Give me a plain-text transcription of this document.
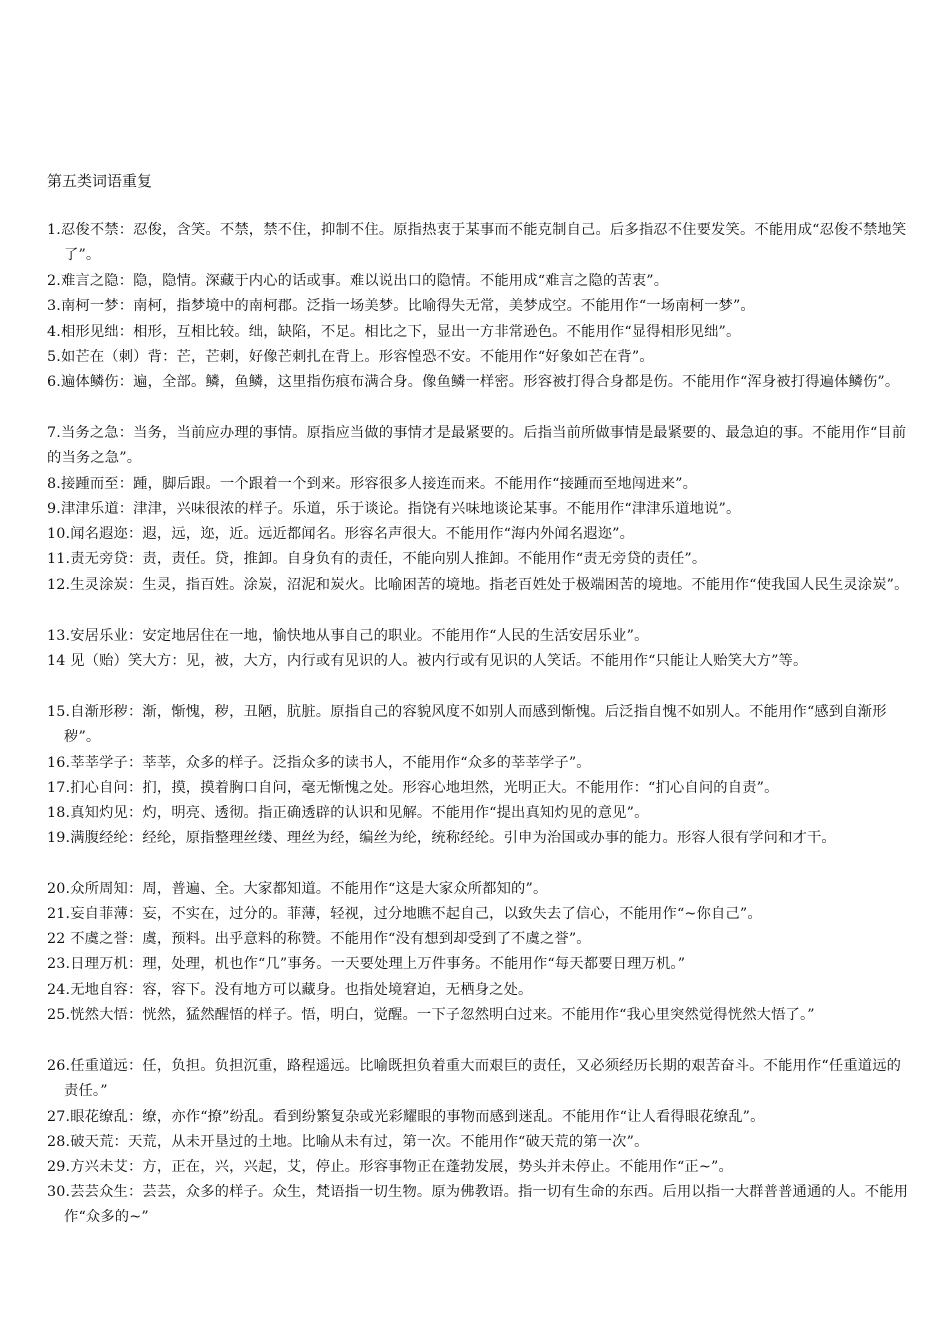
第五类词语重复
1.忍俊不禁：忍俊，含笑。不禁，禁不住，抑制不住。原指热衷于某事而不能克制自己。后多指忍不住要发笑。不能用成“忍俊不禁地笑了”。
2.难言之隐：隐，隐情。深藏于内心的话或事。难以说出口的隐情。不能用成“难言之隐的苦衷”。
3.南柯一梦：南柯，指梦境中的南柯郡。泛指一场美梦。比喻得失无常，美梦成空。不能用作“一场南柯一梦”。
4.相形见绌：相形，互相比较。绌，缺陷，不足。相比之下，显出一方非常逊色。不能用作“显得相形见绌”。
5.如芒在（刺）背：芒，芒刺，好像芒刺扎在背上。形容惶恐不安。不能用作“好象如芒在背”。
6.遍体鳞伤：遍，全部。鳞，鱼鳞，这里指伤痕布满合身。像鱼鳞一样密。形容被打得合身都是伤。不能用作“浑身被打得遍体鳞伤”。
7.当务之急：当务，当前应办理的事情。原指应当做的事情才是最紧要的。后指当前所做事情是最紧要的、最急迫的事。不能用作“目前的当务之急”。
8.接踵而至：踵，脚后跟。一个跟着一个到来。形容很多人接连而来。不能用作“接踵而至地闯进来”。
9.津津乐道：津津，兴味很浓的样子。乐道，乐于谈论。指饶有兴味地谈论某事。不能用作“津津乐道地说”。
10.闻名遐迩：遐，远，迩，近。远近都闻名。形容名声很大。不能用作“海内外闻名遐迩”。
11.责无旁贷：责，责任。贷，推卸。自身负有的责任，不能向别人推卸。不能用作“责无旁贷的责任”。
12.生灵涂炭：生灵，指百姓。涂炭，沼泥和炭火。比喻困苦的境地。指老百姓处于极端困苦的境地。不能用作“使我国人民生灵涂炭”。
13.安居乐业：安定地居住在一地，愉快地从事自己的职业。不能用作“人民的生活安居乐业”。
14 见（贻）笑大方：见，被，大方，内行或有见识的人。被内行或有见识的人笑话。不能用作“只能让人贻笑大方”等。
15.自渐形秽：渐，惭愧，秽，丑陋，肮脏。原指自己的容貌风度不如别人而感到惭愧。后泛指自愧不如别人。不能用作“感到自渐形秽”。
16.莘莘学子：莘莘，众多的样子。泛指众多的读书人，不能用作“众多的莘莘学子”。
17.扪心自问：扪，摸，摸着胸口自问，毫无惭愧之处。形容心地坦然，光明正大。不能用作：“扪心自问的自责”。
18.真知灼见：灼，明亮、透彻。指正确透辟的认识和见解。不能用作“提出真知灼见的意见”。
19.满腹经纶：经纶，原指整理丝缕、理丝为经，编丝为纶，统称经纶。引申为治国或办事的能力。形容人很有学问和才干。
20.众所周知：周，普遍、全。大家都知道。不能用作“这是大家众所都知的”。
21.妄自菲薄：妄，不实在，过分的。菲薄，轻视，过分地瞧不起自己，以致失去了信心，不能用作“~你自己”。
22 不虞之誉：虞，预料。出乎意料的称赞。不能用作“没有想到却受到了不虞之誉”。
23.日理万机：理，处理，机也作“几”事务。一天要处理上万件事务。不能用作“每天都要日理万机。”
24.无地自容：容，容下。没有地方可以藏身。也指处境窘迫，无栖身之处。
25.恍然大悟：恍然，猛然醒悟的样子。悟，明白，觉醒。一下子忽然明白过来。不能用作“我心里突然觉得恍然大悟了。”
26.任重道远：任，负担。负担沉重，路程遥远。比喻既担负着重大而艰巨的责任，又必须经历长期的艰苦奋斗。不能用作“任重道远的责任。”
27.眼花缭乱：缭，亦作“撩”纷乱。看到纷繁复杂或光彩耀眼的事物而感到迷乱。不能用作“让人看得眼花缭乱”。
28.破天荒：天荒，从未开垦过的土地。比喻从未有过，第一次。不能用作“破天荒的第一次”。
29.方兴未艾：方，正在，兴，兴起，艾，停止。形容事物正在蓬勃发展，势头并未停止。不能用作“正~”。
30.芸芸众生：芸芸，众多的样子。众生，梵语指一切生物。原为佛教语。指一切有生命的东西。后用以指一大群普普通通的人。不能用作“众多的~”
